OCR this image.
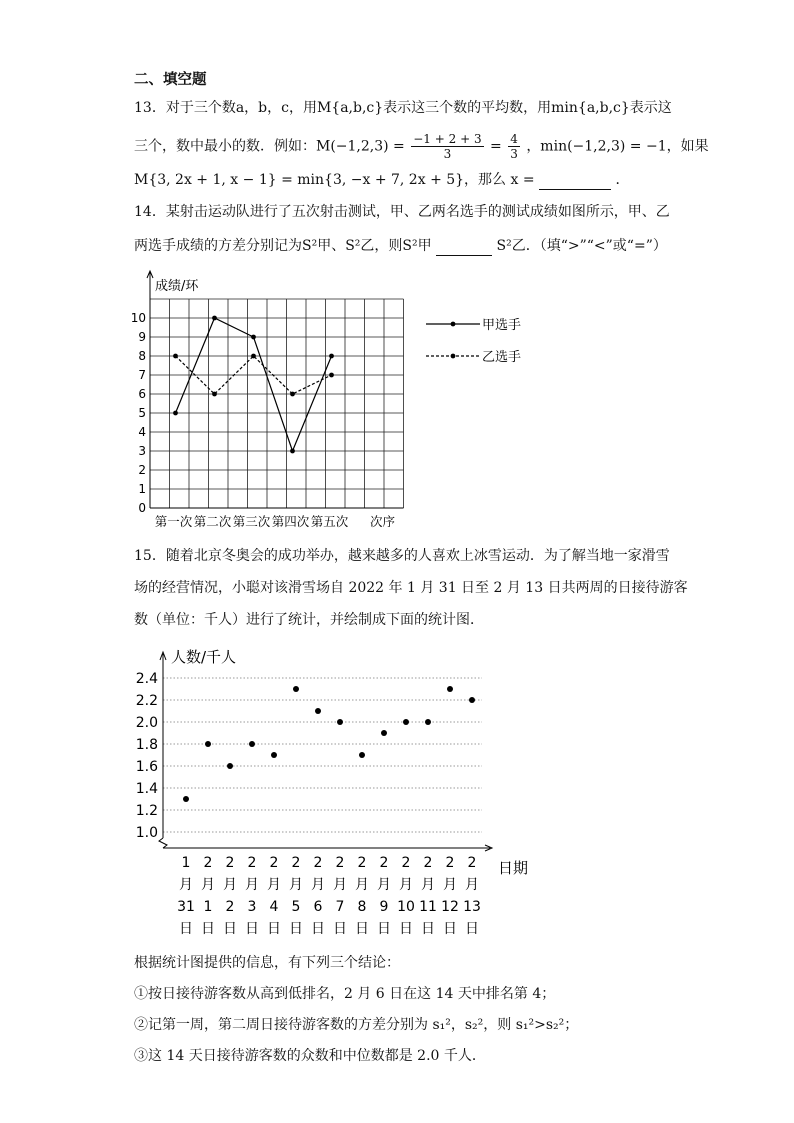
二、填空题
13．对于三个数a，b，c，用M{a,b,c}表示这三个数的平均数，用min{a,b,c}表示这
三个，数中最小的数．例如：$M(-1,2,3) = \frac{-1 + 2 + 3}{3} = \frac{4}{3}$ ，min(−1,2,3) = −1，如果
M{3, 2x + 1, x − 1} = min{3, −x + 7, 2x + 5}，那么 x =	．
14．某射击运动队进行了五次射击测试，甲、乙两名选手的测试成绩如图所示，甲、乙
两选手成绩的方差分别记为S²甲、S²乙，则S²甲	S²乙．（填“>”“<”或“=”）
0
1
2
3
4
5
6
7
8
9
10
成绩/环
第一次 第二次 第三次 第四次 第五次 次序
甲选手
乙选手
15．随着北京冬奥会的成功举办，越来越多的人喜欢上冰雪运动．为了解当地一家滑雪
场的经营情况，小聪对该滑雪场自 2022 年 1 月 31 日至 2 月 13 日共两周的日接待游客
数（单位：千人）进行了统计，并绘制成下面的统计图．
1.0
1.2
1.4
1.6
1.8
2.0
2.2
2.4
人数/千人
日期
1
月
31
日
2
月
1
日
2
月
2
日
2
月
3
日
2
月
4
日
2
月
5
日
2
月
6
日
2
月
7
日
2
月
8
日
2
月
9
日
2
月
10
日
2
月
11
日
2
月
12
日
2
月
13
日
根据统计图提供的信息，有下列三个结论：
①按日接待游客数从高到低排名，2 月 6 日在这 14 天中排名第 4；
②记第一周，第二周日接待游客数的方差分别为 s₁²，s₂²，则 s₁²>s₂²；
③这 14 天日接待游客数的众数和中位数都是 2.0 千人．
